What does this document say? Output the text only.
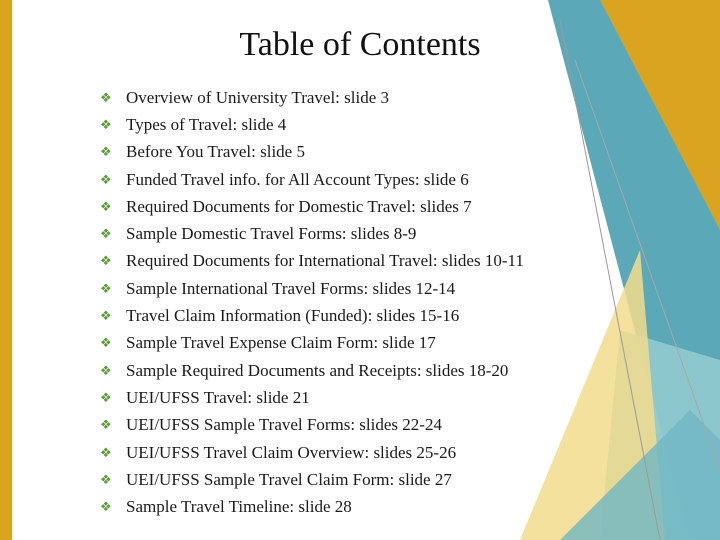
Table of Contents
❖ Overview of University Travel: slide 3
❖ Types of Travel: slide 4
❖ Before You Travel: slide 5
❖ Funded Travel info. for All Account Types: slide 6
❖ Required Documents for Domestic Travel: slides 7
❖ Sample Domestic Travel Forms: slides 8-9
❖ Required Documents for International Travel: slides 10-11
❖ Sample International Travel Forms: slides 12-14
❖ Travel Claim Information (Funded): slides 15-16
❖ Sample Travel Expense Claim Form: slide 17
❖ Sample Required Documents and Receipts: slides 18-20
❖ UEI/UFSS Travel: slide 21
❖ UEI/UFSS Sample Travel Forms: slides 22-24
❖ UEI/UFSS Travel Claim Overview: slides 25-26
❖ UEI/UFSS Sample Travel Claim Form: slide 27
❖ Sample Travel Timeline: slide 28
